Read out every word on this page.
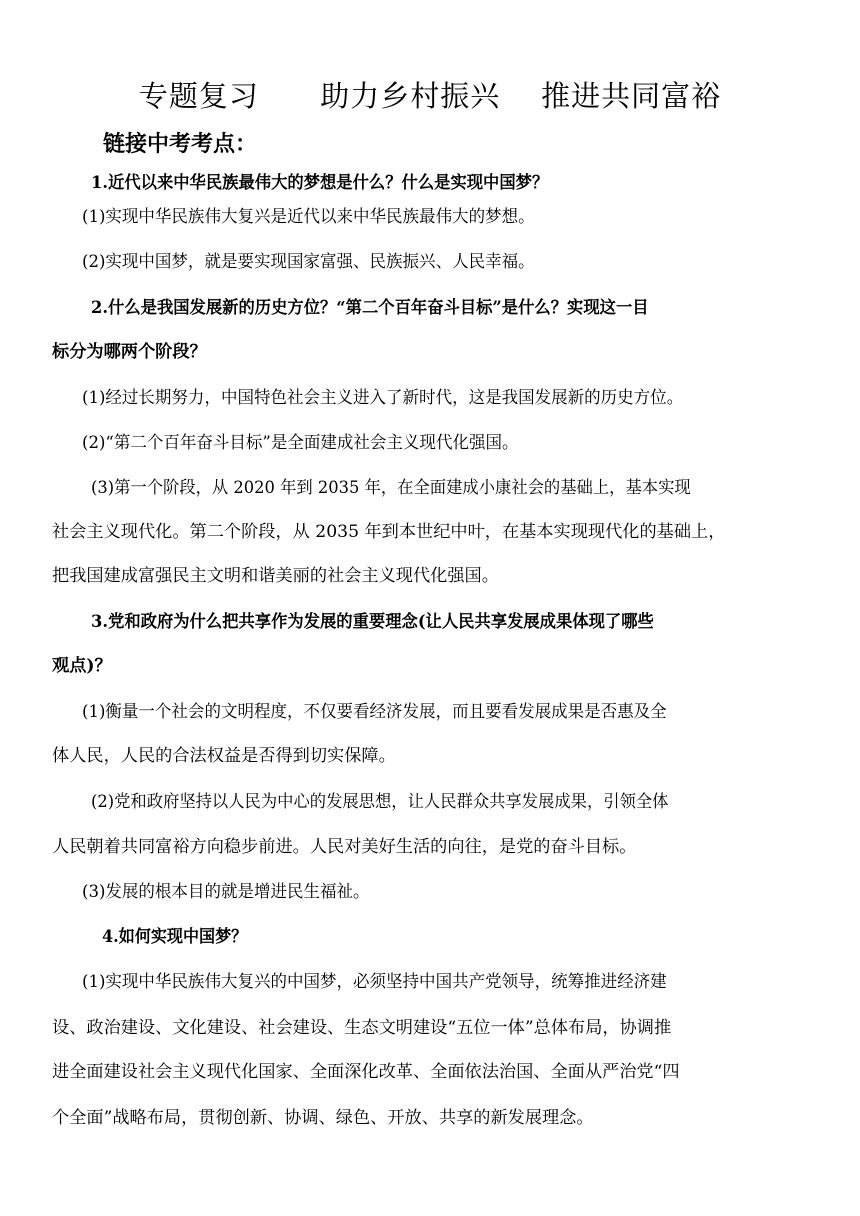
专题复习 助力乡村振兴 推进共同富裕
链接中考考点：
1.近代以来中华民族最伟大的梦想是什么？什么是实现中国梦？
(1)实现中华民族伟大复兴是近代以来中华民族最伟大的梦想。
(2)实现中国梦，就是要实现国家富强、民族振兴、人民幸福。
2.什么是我国发展新的历史方位？“第二个百年奋斗目标”是什么？实现这一目
标分为哪两个阶段？
(1)经过长期努力，中国特色社会主义进入了新时代，这是我国发展新的历史方位。
(2)“第二个百年奋斗目标”是全面建成社会主义现代化强国。
(3)第一个阶段，从 2020 年到 2035 年，在全面建成小康社会的基础上，基本实现
社会主义现代化。第二个阶段，从 2035 年到本世纪中叶，在基本实现现代化的基础上，
把我国建成富强民主文明和谐美丽的社会主义现代化强国。
3.党和政府为什么把共享作为发展的重要理念(让人民共享发展成果体现了哪些
观点)？
(1)衡量一个社会的文明程度，不仅要看经济发展，而且要看发展成果是否惠及全
体人民，人民的合法权益是否得到切实保障。
(2)党和政府坚持以人民为中心的发展思想，让人民群众共享发展成果，引领全体
人民朝着共同富裕方向稳步前进。人民对美好生活的向往，是党的奋斗目标。
(3)发展的根本目的就是增进民生福祉。
4.如何实现中国梦？
(1)实现中华民族伟大复兴的中国梦，必须坚持中国共产党领导，统筹推进经济建
设、政治建设、文化建设、社会建设、生态文明建设“五位一体”总体布局，协调推
进全面建设社会主义现代化国家、全面深化改革、全面依法治国、全面从严治党“四
个全面”战略布局，贯彻创新、协调、绿色、开放、共享的新发展理念。
